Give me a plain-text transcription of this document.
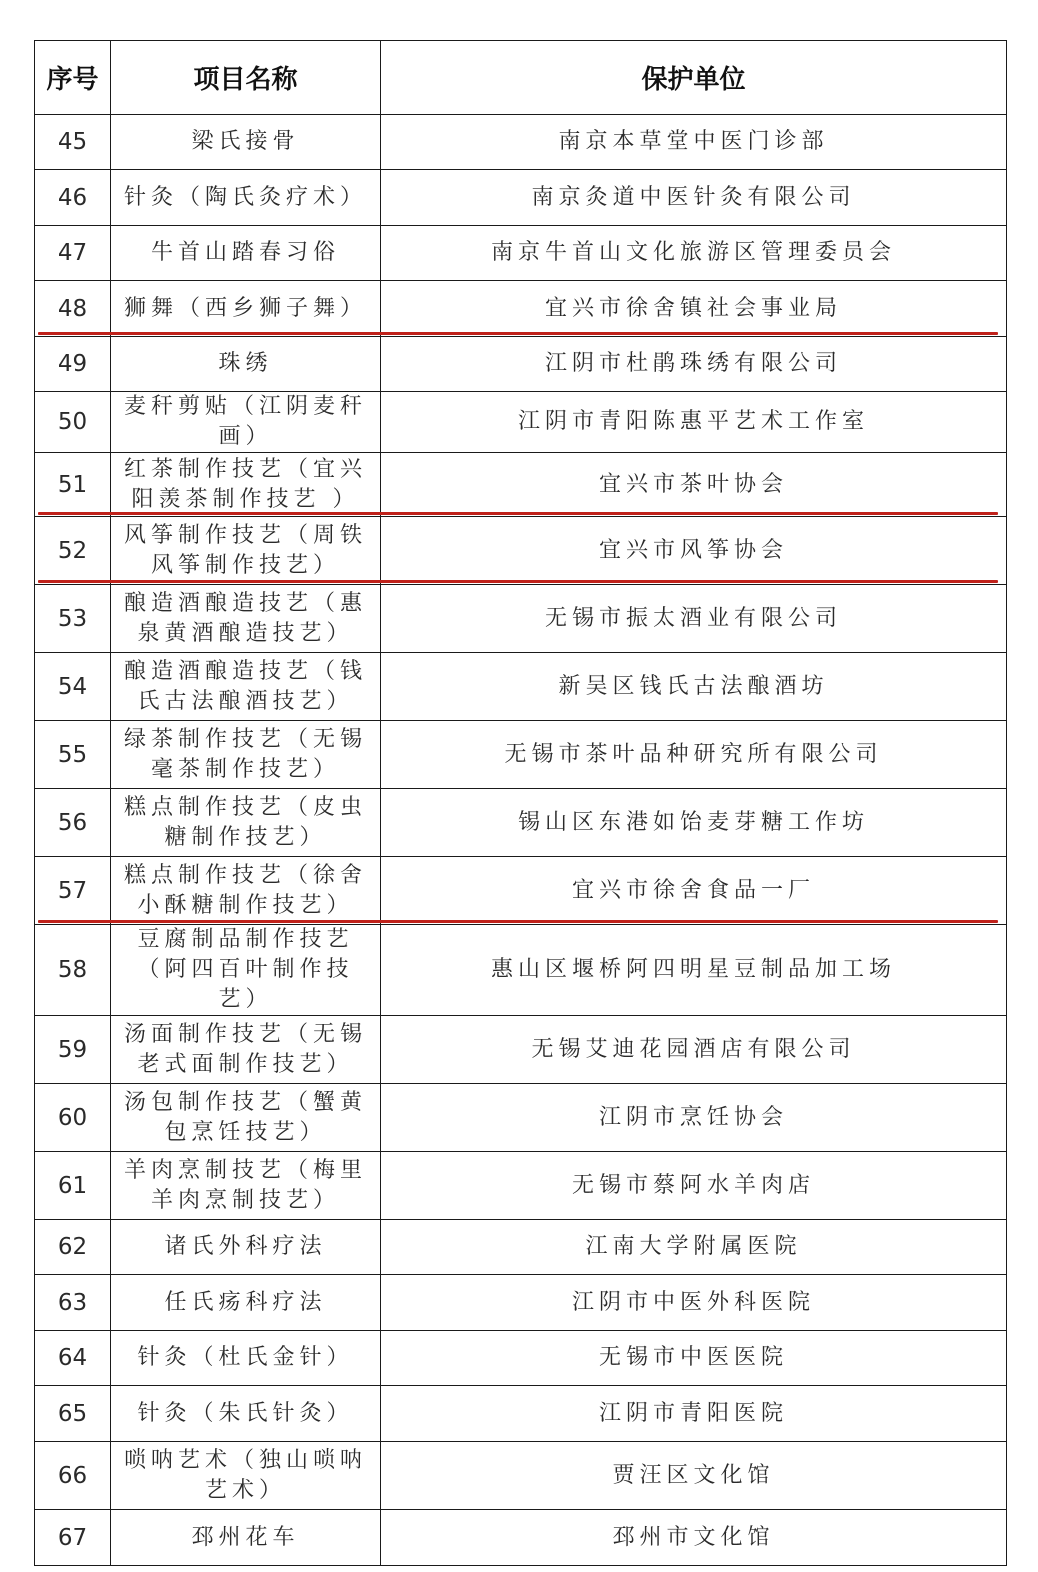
序号	项目名称	保护单位
45	梁氏接骨	南京本草堂中医门诊部
46	针灸（陶氏灸疗术）	南京灸道中医针灸有限公司
47	牛首山踏春习俗	南京牛首山文化旅游区管理委员会
48	狮舞（西乡狮子舞）	宜兴市徐舍镇社会事业局
49	珠绣	江阴市杜鹃珠绣有限公司
50	麦秆剪贴（江阴麦秆画）	江阴市青阳陈惠平艺术工作室
51	红茶制作技艺（宜兴阳羡茶制作技艺 ）	宜兴市茶叶协会
52	风筝制作技艺（周铁风筝制作技艺）	宜兴市风筝协会
53	酿造酒酿造技艺（惠泉黄酒酿造技艺）	无锡市振太酒业有限公司
54	酿造酒酿造技艺（钱氏古法酿酒技艺）	新吴区钱氏古法酿酒坊
55	绿茶制作技艺（无锡毫茶制作技艺）	无锡市茶叶品种研究所有限公司
56	糕点制作技艺（皮虫糖制作技艺）	锡山区东港如饴麦芽糖工作坊
57	糕点制作技艺（徐舍小酥糖制作技艺）	宜兴市徐舍食品一厂
58	豆腐制品制作技艺（阿四百叶制作技艺）	惠山区堰桥阿四明星豆制品加工场
59	汤面制作技艺（无锡老式面制作技艺）	无锡艾迪花园酒店有限公司
60	汤包制作技艺（蟹黄包烹饪技艺）	江阴市烹饪协会
61	羊肉烹制技艺（梅里羊肉烹制技艺）	无锡市蔡阿水羊肉店
62	诸氏外科疗法	江南大学附属医院
63	任氏疡科疗法	江阴市中医外科医院
64	针灸（杜氏金针）	无锡市中医医院
65	针灸（朱氏针灸）	江阴市青阳医院
66	唢呐艺术（独山唢呐艺术）	贾汪区文化馆
67	邳州花车	邳州市文化馆
